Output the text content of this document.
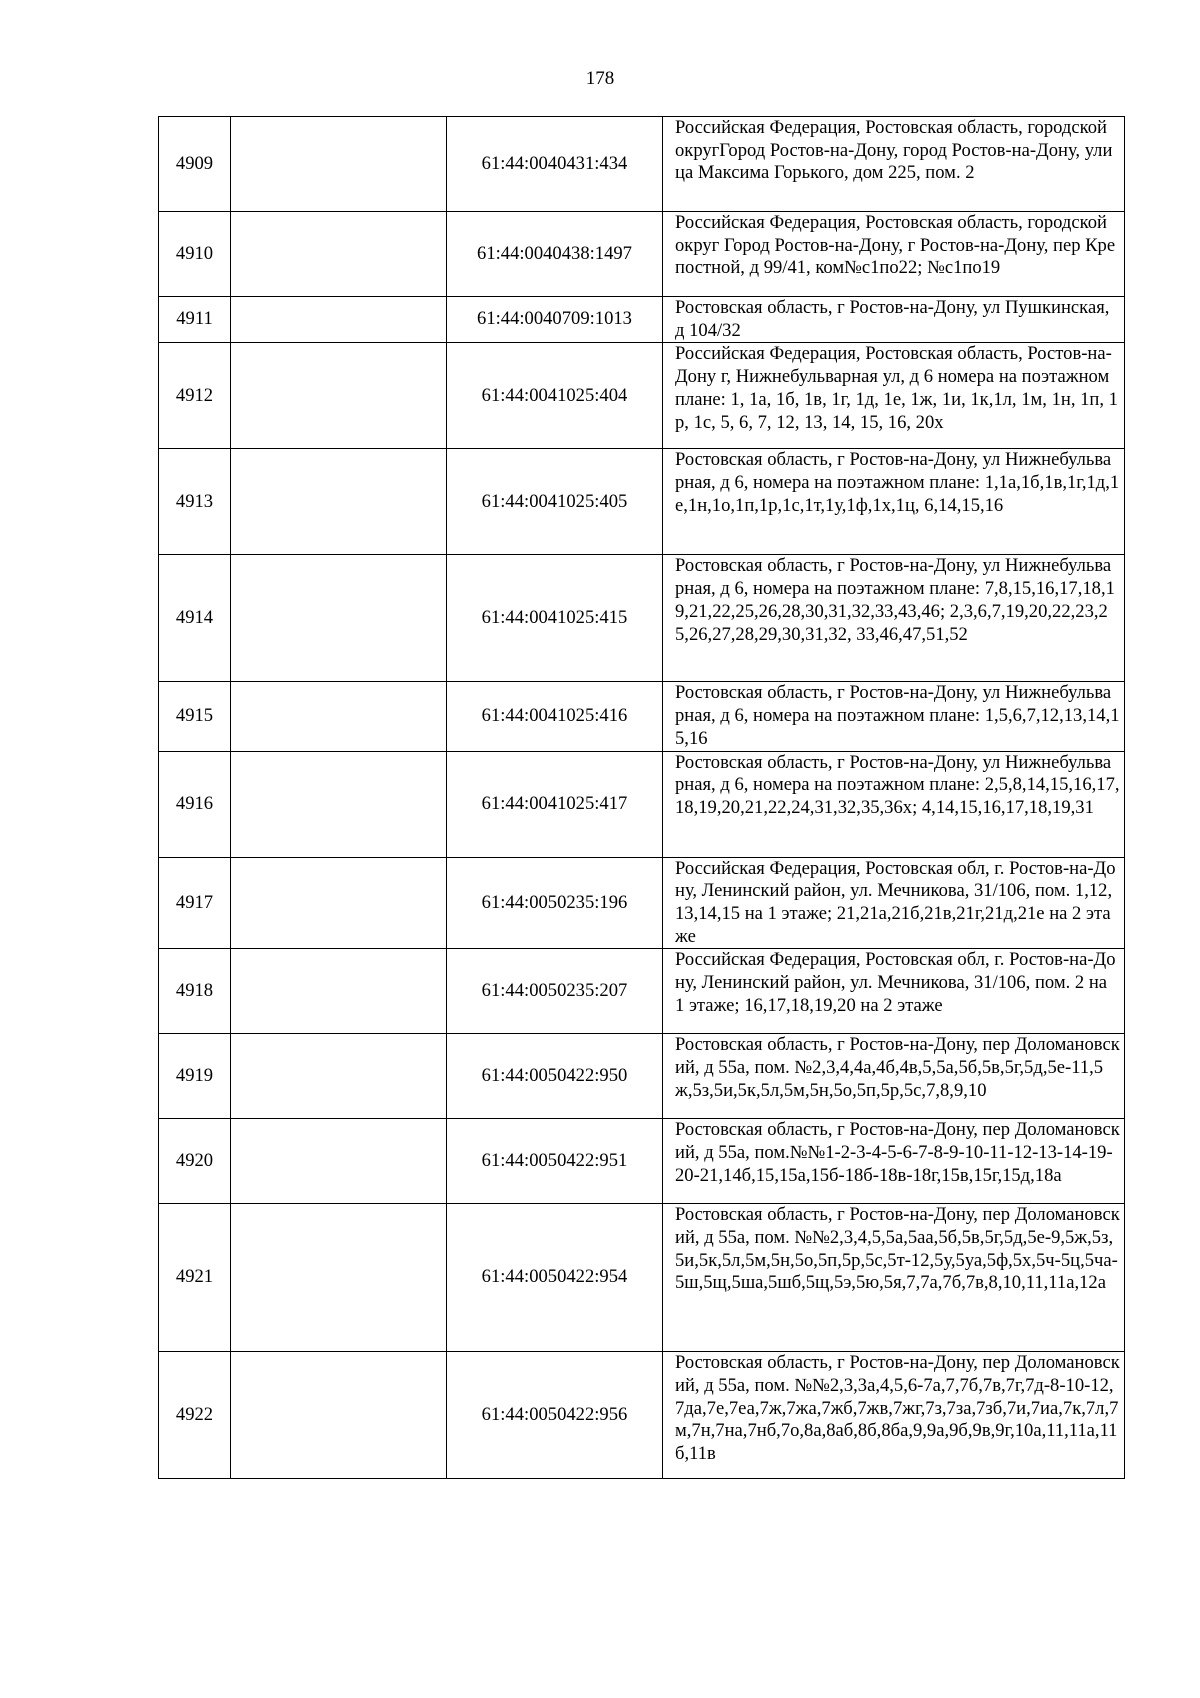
178
4909		61:44:0040431:434	Российская Федерация, Ростовская область, городской округГород Ростов-на-Дону, город Ростов-на-Дону, улица Максима Горького, дом 225, пом. 2
4910		61:44:0040438:1497	Российская Федерация, Ростовская область, городской округ Город Ростов-на-Дону, г Ростов-на-Дону, пер Крепостной, д 99/41, ком№с1по22; №с1по19
4911		61:44:0040709:1013	Ростовская область, г Ростов-на-Дону, ул Пушкинская, д 104/32
4912		61:44:0041025:404	Российская Федерация, Ростовская область, Ростов-на-Дону г, Нижнебульварная ул, д 6 номера на поэтажном плане: 1, 1а, 1б, 1в, 1г, 1д, 1е, 1ж, 1и, 1к,1л, 1м, 1н, 1п, 1р, 1с, 5, 6, 7, 12, 13, 14, 15, 16, 20х
4913		61:44:0041025:405	Ростовская область, г Ростов-на-Дону, ул Нижнебульварная, д 6, номера на поэтажном плане: 1,1а,1б,1в,1г,1д,1е,1н,1о,1п,1р,1с,1т,1у,1ф,1х,1ц, 6,14,15,16
4914		61:44:0041025:415	Ростовская область, г Ростов-на-Дону, ул Нижнебульварная, д 6, номера на поэтажном плане: 7,8,15,16,17,18,19,21,22,25,26,28,30,31,32,33,43,46; 2,3,6,7,19,20,22,23,25,26,27,28,29,30,31,32, 33,46,47,51,52
4915		61:44:0041025:416	Ростовская область, г Ростов-на-Дону, ул Нижнебульварная, д 6, номера на поэтажном плане: 1,5,6,7,12,13,14,15,16
4916		61:44:0041025:417	Ростовская область, г Ростов-на-Дону, ул Нижнебульварная, д 6, номера на поэтажном плане: 2,5,8,14,15,16,17,18,19,20,21,22,24,31,32,35,36х; 4,14,15,16,17,18,19,31
4917		61:44:0050235:196	Российская Федерация, Ростовская обл, г. Ростов-на-Дону, Ленинский район, ул. Мечникова, 31/106, пом. 1,12,13,14,15 на 1 этаже; 21,21а,21б,21в,21г,21д,21е на 2 этаже
4918		61:44:0050235:207	Российская Федерация, Ростовская обл, г. Ростов-на-Дону, Ленинский район, ул. Мечникова, 31/106, пом. 2 на 1 этаже; 16,17,18,19,20 на 2 этаже
4919		61:44:0050422:950	Ростовская область, г Ростов-на-Дону, пер Доломановский, д 55а, пом. №2,3,4,4а,4б,4в,5,5а,5б,5в,5г,5д,5е-11,5ж,5з,5и,5к,5л,5м,5н,5о,5п,5р,5с,7,8,9,10
4920		61:44:0050422:951	Ростовская область, г Ростов-на-Дону, пер Доломановский, д 55а, пом.№№1-2-3-4-5-6-7-8-9-10-11-12-13-14-19-20-21,14б,15,15а,15б-18б-18в-18г,15в,15г,15д,18а
4921		61:44:0050422:954	Ростовская область, г Ростов-на-Дону, пер Доломановский, д 55а, пом. №№2,3,4,5,5а,5аа,5б,5в,5г,5д,5е-9,5ж,5з,5и,5к,5л,5м,5н,5о,5п,5р,5с,5т-12,5у,5уа,5ф,5х,5ч-5ц,5ча-5ш,5щ,5ша,5шб,5щ,5э,5ю,5я,7,7а,7б,7в,8,10,11,11а,12а
4922		61:44:0050422:956	Ростовская область, г Ростов-на-Дону, пер Доломановский, д 55а, пом. №№2,3,3а,4,5,6-7а,7,7б,7в,7г,7д-8-10-12,7да,7е,7еа,7ж,7жа,7жб,7жв,7жг,7з,7за,7зб,7и,7иа,7к,7л,7м,7н,7на,7нб,7о,8а,8аб,8б,8ба,9,9а,9б,9в,9г,10а,11,11а,11б,11в
